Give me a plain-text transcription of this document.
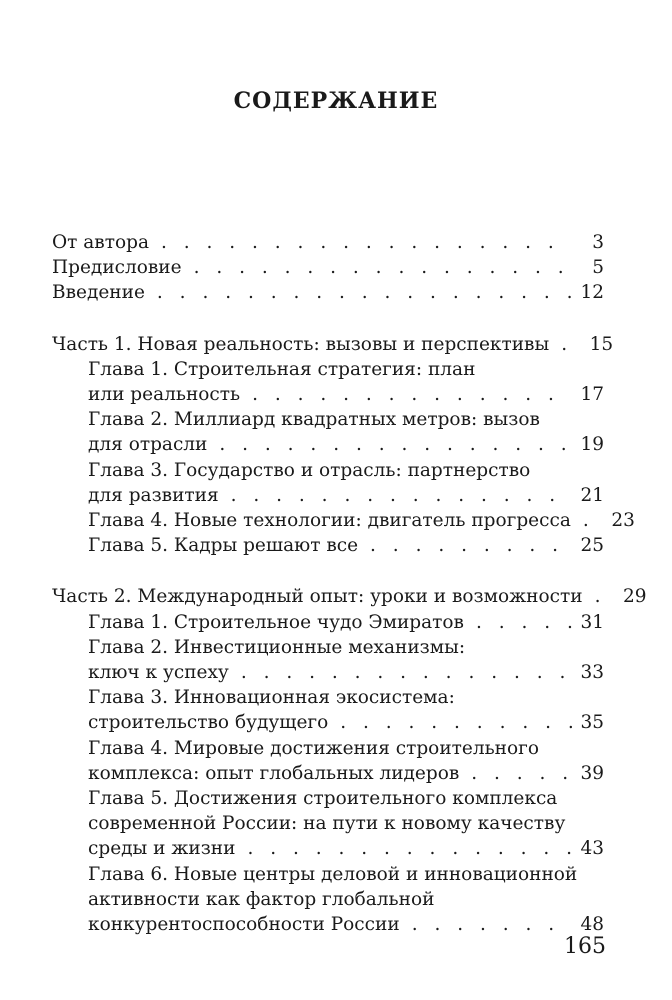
СОДЕРЖАНИЕ
От автора . . .	3
Предисловие . . .	5
Введение . . .	12
Часть 1. Новая реальность: вызовы и перспективы . . . 15
Глава 1. Строительная стратегия: план
или реальность . . .	17
Глава 2. Миллиард квадратных метров: вызов
для отрасли . . .	19
Глава 3. Государство и отрасль: партнерство
для развития . . .	21
Глава 4. Новые технологии: двигатель прогресса . . . 23
Глава 5. Кадры решают все . . .	25
Часть 2. Международный опыт: уроки и возможности . . . 29
Глава 1. Строительное чудо Эмиратов . . .	31
Глава 2. Инвестиционные механизмы:
ключ к успеху . . .	33
Глава 3. Инновационная экосистема:
строительство будущего . . .	35
Глава 4. Мировые достижения строительного
комплекса: опыт глобальных лидеров . . .	39
Глава 5. Достижения строительного комплекса
современной России: на пути к новому качеству
среды и жизни . . .	43
Глава 6. Новые центры деловой и инновационной
активности как фактор глобальной
конкурентоспособности России . . .	48
165
